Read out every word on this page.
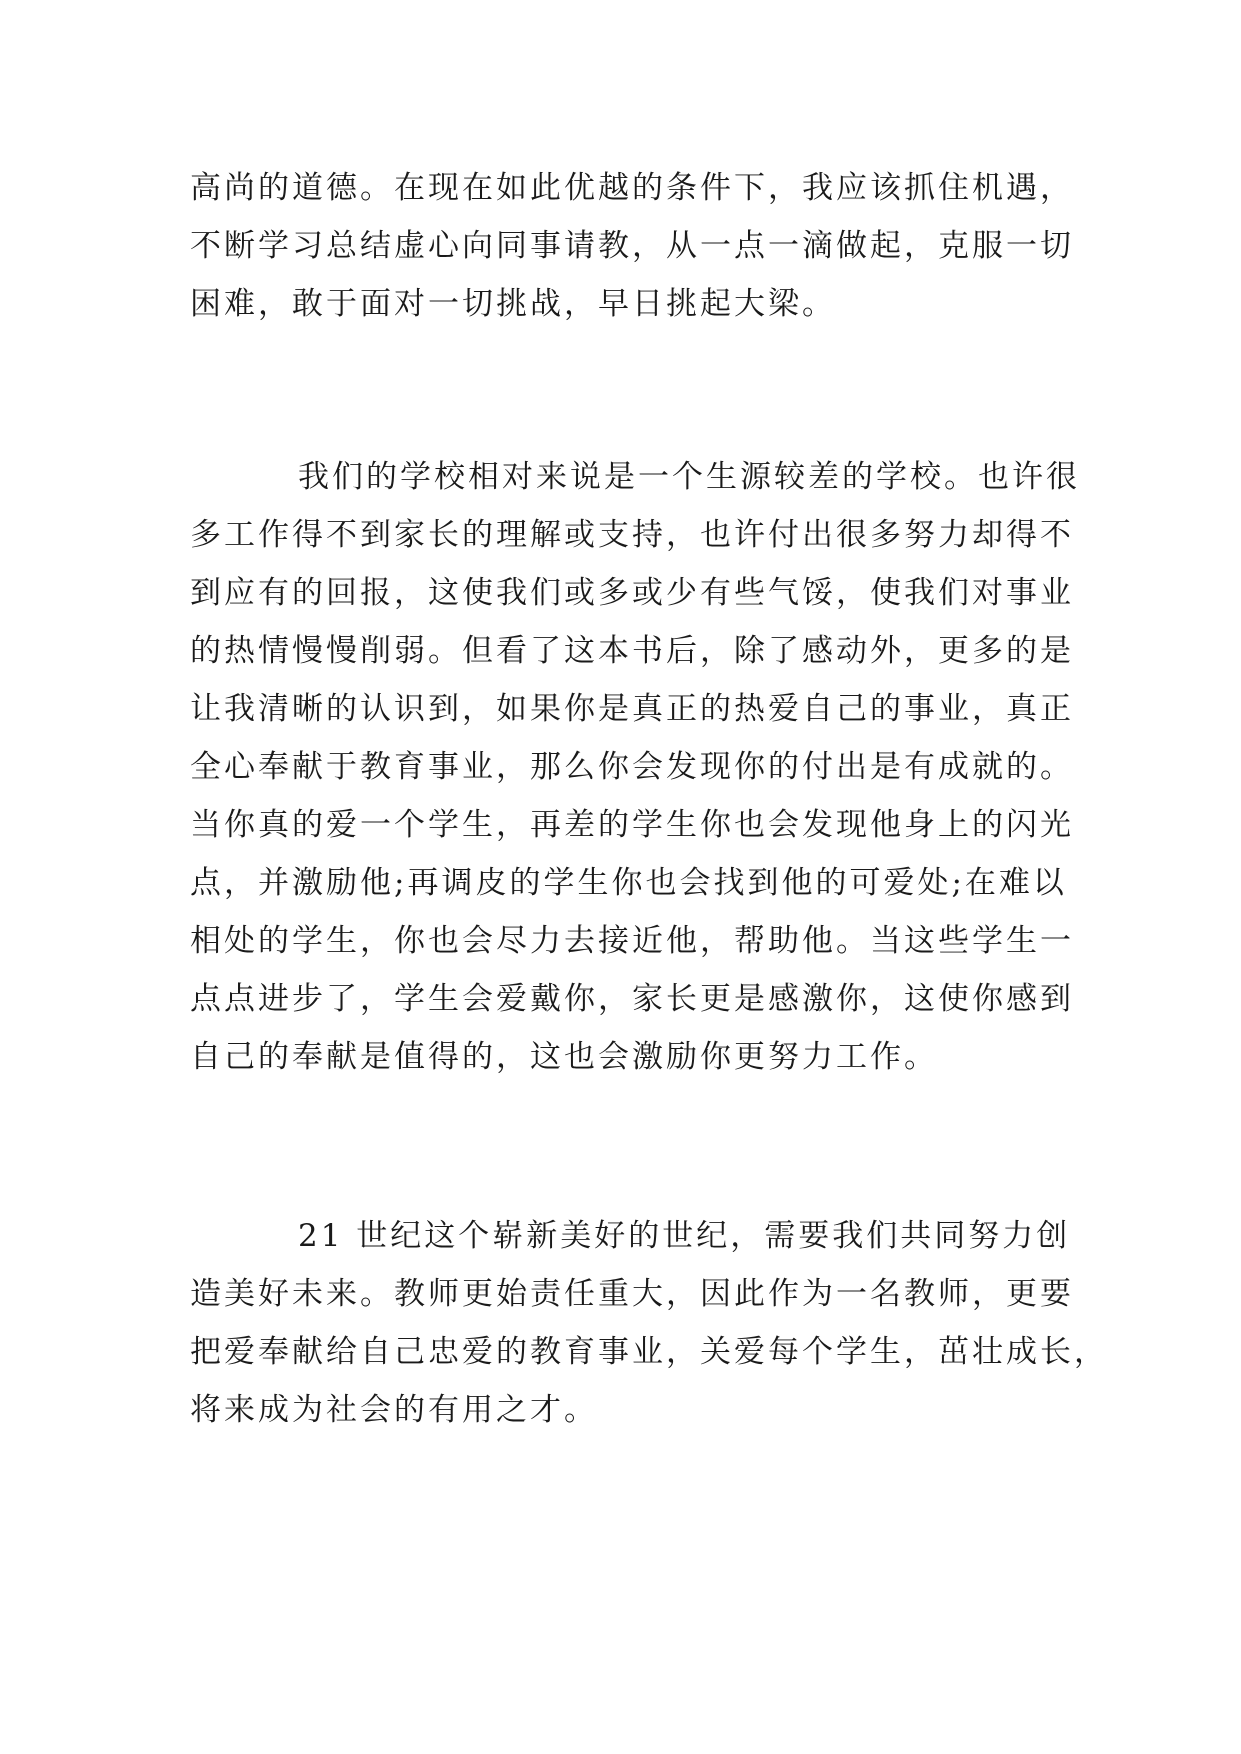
高尚的道德。在现在如此优越的条件下，我应该抓住机遇，
不断学习总结虚心向同事请教，从一点一滴做起，克服一切
困难，敢于面对一切挑战，早日挑起大梁。
我们的学校相对来说是一个生源较差的学校。也许很
多工作得不到家长的理解或支持，也许付出很多努力却得不
到应有的回报，这使我们或多或少有些气馁，使我们对事业
的热情慢慢削弱。但看了这本书后，除了感动外，更多的是
让我清晰的认识到，如果你是真正的热爱自己的事业，真正
全心奉献于教育事业，那么你会发现你的付出是有成就的。
当你真的爱一个学生，再差的学生你也会发现他身上的闪光
点，并激励他;再调皮的学生你也会找到他的可爱处;在难以
相处的学生，你也会尽力去接近他，帮助他。当这些学生一
点点进步了，学生会爱戴你，家长更是感激你，这使你感到
自己的奉献是值得的，这也会激励你更努力工作。
21 世纪这个崭新美好的世纪，需要我们共同努力创
造美好未来。教师更始责任重大，因此作为一名教师，更要
把爱奉献给自己忠爱的教育事业，关爱每个学生，茁壮成长，
将来成为社会的有用之才。
